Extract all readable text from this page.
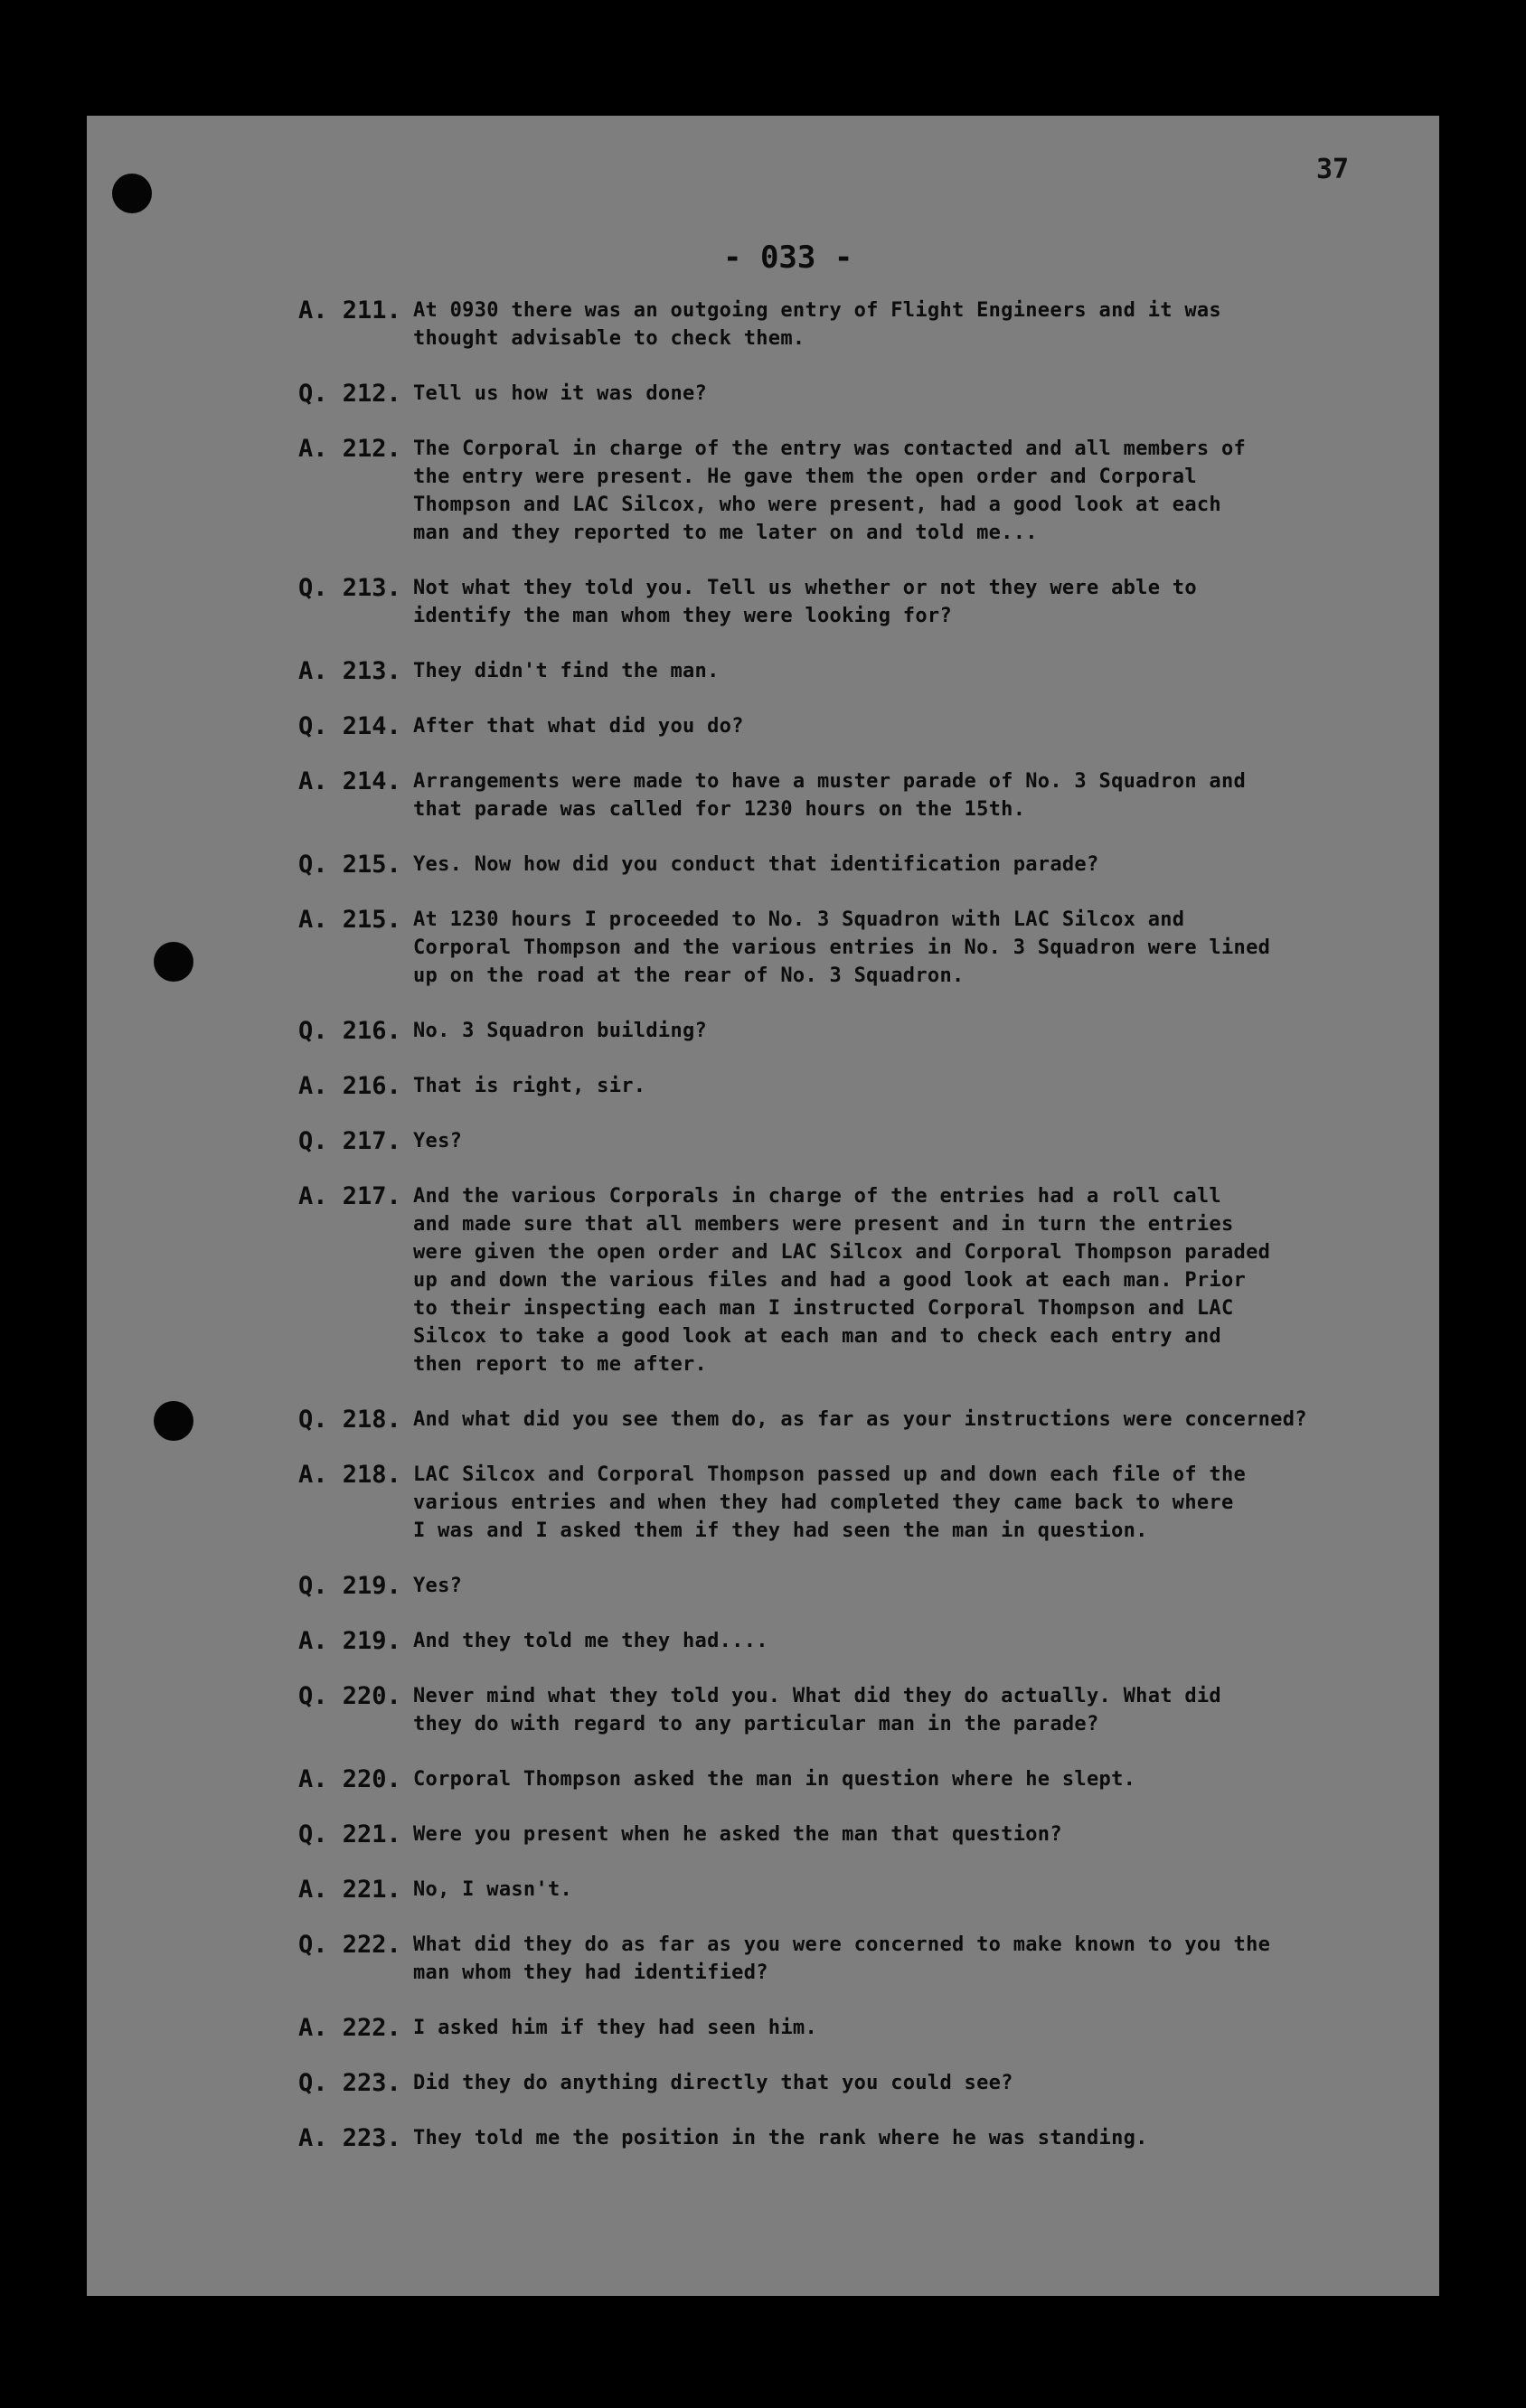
37
- 033 -
A. 211. At 0930 there was an outgoing entry of Flight Engineers and it was
thought advisable to check them.
Q. 212. Tell us how it was done?
A. 212. The Corporal in charge of the entry was contacted and all members of
the entry were present. He gave them the open order and Corporal
Thompson and LAC Silcox, who were present, had a good look at each
man and they reported to me later on and told me...
Q. 213. Not what they told you. Tell us whether or not they were able to
identify the man whom they were looking for?
A. 213. They didn't find the man.
Q. 214. After that what did you do?
A. 214. Arrangements were made to have a muster parade of No. 3 Squadron and
that parade was called for 1230 hours on the 15th.
Q. 215. Yes. Now how did you conduct that identification parade?
A. 215. At 1230 hours I proceeded to No. 3 Squadron with LAC Silcox and
Corporal Thompson and the various entries in No. 3 Squadron were lined
up on the road at the rear of No. 3 Squadron.
Q. 216. No. 3 Squadron building?
A. 216. That is right, sir.
Q. 217. Yes?
A. 217. And the various Corporals in charge of the entries had a roll call
and made sure that all members were present and in turn the entries
were given the open order and LAC Silcox and Corporal Thompson paraded
up and down the various files and had a good look at each man. Prior
to their inspecting each man I instructed Corporal Thompson and LAC
Silcox to take a good look at each man and to check each entry and
then report to me after.
Q. 218. And what did you see them do, as far as your instructions were concerned?
A. 218. LAC Silcox and Corporal Thompson passed up and down each file of the
various entries and when they had completed they came back to where
I was and I asked them if they had seen the man in question.
Q. 219. Yes?
A. 219. And they told me they had....
Q. 220. Never mind what they told you. What did they do actually. What did
they do with regard to any particular man in the parade?
A. 220. Corporal Thompson asked the man in question where he slept.
Q. 221. Were you present when he asked the man that question?
A. 221. No, I wasn't.
Q. 222. What did they do as far as you were concerned to make known to you the
man whom they had identified?
A. 222. I asked him if they had seen him.
Q. 223. Did they do anything directly that you could see?
A. 223. They told me the position in the rank where he was standing.
